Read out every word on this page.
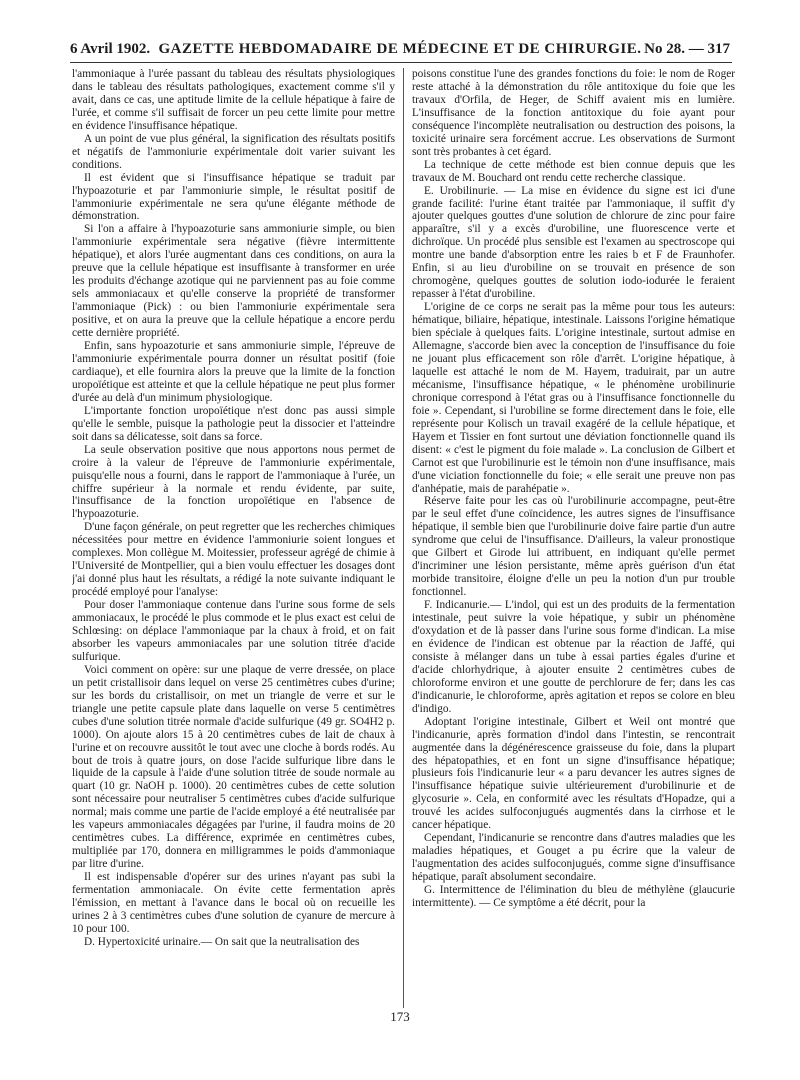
6 Avril 1902. GAZETTE HEBDOMADAIRE DE MÉDECINE ET DE CHIRURGIE. No 28. — 317

l'ammoniaque à l'urée passant du tableau des résultats physiologiques dans le tableau des résultats pathologiques, exactement comme s'il y avait, dans ce cas, une aptitude limite de la cellule hépatique à faire de l'urée, et comme s'il suffisait de forcer un peu cette limite pour mettre en évidence l'insuffisance hépatique.

A un point de vue plus général, la signification des résultats positifs et négatifs de l'ammoniurie expérimentale doit varier suivant les conditions.

Il est évident que si l'insuffisance hépatique se traduit par l'hypoazoturie et par l'ammoniurie simple, le résultat positif de l'ammoniurie expérimentale ne sera qu'une élégante méthode de démonstration.

Si l'on a affaire à l'hypoazoturie sans ammoniurie simple, ou bien l'ammoniurie expérimentale sera négative (fièvre intermittente hépatique), et alors l'urée augmentant dans ces conditions, on aura la preuve que la cellule hépatique est insuffisante à transformer en urée les produits d'échange azotique qui ne parviennent pas au foie comme sels ammoniacaux et qu'elle conserve la propriété de transformer l'ammoniaque (Pick) : ou bien l'ammoniurie expérimentale sera positive, et on aura la preuve que la cellule hépatique a encore perdu cette dernière propriété.

Enfin, sans hypoazoturie et sans ammoniurie simple, l'épreuve de l'ammoniurie expérimentale pourra donner un résultat positif (foie cardiaque), et elle fournira alors la preuve que la limite de la fonction uropoïétique est atteinte et que la cellule hépatique ne peut plus former d'urée au delà d'un minimum physiologique.

L'importante fonction uropoïétique n'est donc pas aussi simple qu'elle le semble, puisque la pathologie peut la dissocier et l'atteindre soit dans sa délicatesse, soit dans sa force.

La seule observation positive que nous apportons nous permet de croire à la valeur de l'épreuve de l'ammoniurie expérimentale, puisqu'elle nous a fourni, dans le rapport de l'ammoniaque à l'urée, un chiffre supérieur à la normale et rendu évidente, par suite, l'insuffisance de la fonction uropoïétique en l'absence de l'hypoazoturie.

D'une façon générale, on peut regretter que les recherches chimiques nécessitées pour mettre en évidence l'ammoniurie soient longues et complexes. Mon collègue M. Moitessier, professeur agrégé de chimie à l'Université de Montpellier, qui a bien voulu effectuer les dosages dont j'ai donné plus haut les résultats, a rédigé la note suivante indiquant le procédé employé pour l'analyse:

Pour doser l'ammoniaque contenue dans l'urine sous forme de sels ammoniacaux, le procédé le plus commode et le plus exact est celui de Schlœsing: on déplace l'ammoniaque par la chaux à froid, et on fait absorber les vapeurs ammoniacales par une solution titrée d'acide sulfurique.

Voici comment on opère: sur une plaque de verre dressée, on place un petit cristallisoir dans lequel on verse 25 centimètres cubes d'urine; sur les bords du cristallisoir, on met un triangle de verre et sur le triangle une petite capsule plate dans laquelle on verse 5 centimètres cubes d'une solution titrée normale d'acide sulfurique (49 gr. SO4H2 p. 1000). On ajoute alors 15 à 20 centimètres cubes de lait de chaux à l'urine et on recouvre aussitôt le tout avec une cloche à bords rodés. Au bout de trois à quatre jours, on dose l'acide sulfurique libre dans le liquide de la capsule à l'aide d'une solution titrée de soude normale au quart (10 gr. NaOH p. 1000). 20 centimètres cubes de cette solution sont nécessaire pour neutraliser 5 centimètres cubes d'acide sulfurique normal; mais comme une partie de l'acide employé a été neutralisée par les vapeurs ammoniacales dégagées par l'urine, il faudra moins de 20 centimètres cubes. La différence, exprimée en centimètres cubes, multipliée par 170, donnera en milligrammes le poids d'ammoniaque par litre d'urine.

Il est indispensable d'opérer sur des urines n'ayant pas subi la fermentation ammoniacale. On évite cette fermentation après l'émission, en mettant à l'avance dans le bocal où on recueille les urines 2 à 3 centimètres cubes d'une solution de cyanure de mercure à 10 pour 100.

D. Hypertoxicité urinaire.— On sait que la neutralisation des

poisons constitue l'une des grandes fonctions du foie: le nom de Roger reste attaché à la démonstration du rôle antitoxique du foie que les travaux d'Orfila, de Heger, de Schiff avaient mis en lumière. L'insuffisance de la fonction antitoxique du foie ayant pour conséquence l'incomplète neutralisation ou destruction des poisons, la toxicité urinaire sera forcément accrue. Les observations de Surmont sont très probantes à cet égard.

La technique de cette méthode est bien connue depuis que les travaux de M. Bouchard ont rendu cette recherche classique.

E. Urobilinurie. — La mise en évidence du signe est ici d'une grande facilité: l'urine étant traitée par l'ammoniaque, il suffit d'y ajouter quelques gouttes d'une solution de chlorure de zinc pour faire apparaître, s'il y a excès d'urobiline, une fluorescence verte et dichroïque. Un procédé plus sensible est l'examen au spectroscope qui montre une bande d'absorption entre les raies b et F de Fraunhofer. Enfin, si au lieu d'urobiline on se trouvait en présence de son chromogène, quelques gouttes de solution iodo-iodurée le feraient repasser à l'état d'urobiline.

L'origine de ce corps ne serait pas la même pour tous les auteurs: hématique, biliaire, hépatique, intestinale. Laissons l'origine hématique bien spéciale à quelques faits. L'origine intestinale, surtout admise en Allemagne, s'accorde bien avec la conception de l'insuffisance du foie ne jouant plus efficacement son rôle d'arrêt. L'origine hépatique, à laquelle est attaché le nom de M. Hayem, traduirait, par un autre mécanisme, l'insuffisance hépatique, « le phénomène urobilinurie chronique correspond à l'état gras ou à l'insuffisance fonctionnelle du foie ». Cependant, si l'urobiline se forme directement dans le foie, elle représente pour Kolisch un travail exagéré de la cellule hépatique, et Hayem et Tissier en font surtout une déviation fonctionnelle quand ils disent: « c'est le pigment du foie malade ». La conclusion de Gilbert et Carnot est que l'urobilinurie est le témoin non d'une insuffisance, mais d'une viciation fonctionnelle du foie; « elle serait une preuve non pas d'anhépatie, mais de parahépatie ».

Réserve faite pour les cas où l'urobilinurie accompagne, peut-être par le seul effet d'une coïncidence, les autres signes de l'insuffisance hépatique, il semble bien que l'urobilinurie doive faire partie d'un autre syndrome que celui de l'insuffisance. D'ailleurs, la valeur pronostique que Gilbert et Girode lui attribuent, en indiquant qu'elle permet d'incriminer une lésion persistante, même après guérison d'un état morbide transitoire, éloigne d'elle un peu la notion d'un pur trouble fonctionnel.

F. Indicanurie.— L'indol, qui est un des produits de la fermentation intestinale, peut suivre la voie hépatique, y subir un phénomène d'oxydation et de là passer dans l'urine sous forme d'indican. La mise en évidence de l'indican est obtenue par la réaction de Jaffé, qui consiste à mélanger dans un tube à essai parties égales d'urine et d'acide chlorhydrique, à ajouter ensuite 2 centimètres cubes de chloroforme environ et une goutte de perchlorure de fer; dans les cas d'indicanurie, le chloroforme, après agitation et repos se colore en bleu d'indigo.

Adoptant l'origine intestinale, Gilbert et Weil ont montré que l'indicanurie, après formation d'indol dans l'intestin, se rencontrait augmentée dans la dégénérescence graisseuse du foie, dans la plupart des hépatopathies, et en font un signe d'insuffisance hépatique; plusieurs fois l'indicanurie leur « a paru devancer les autres signes de l'insuffisance hépatique suivie ultérieurement d'urobilinurie et de glycosurie ». Cela, en conformité avec les résultats d'Hopadze, qui a trouvé les acides sulfoconjugués augmentés dans la cirrhose et le cancer hépatique.

Cependant, l'indicanurie se rencontre dans d'autres maladies que les maladies hépatiques, et Gouget a pu écrire que la valeur de l'augmentation des acides sulfoconjugués, comme signe d'insuffisance hépatique, paraît absolument secondaire.

G. Intermittence de l'élimination du bleu de méthylène (glaucurie intermittente). — Ce symptôme a été décrit, pour la

173
